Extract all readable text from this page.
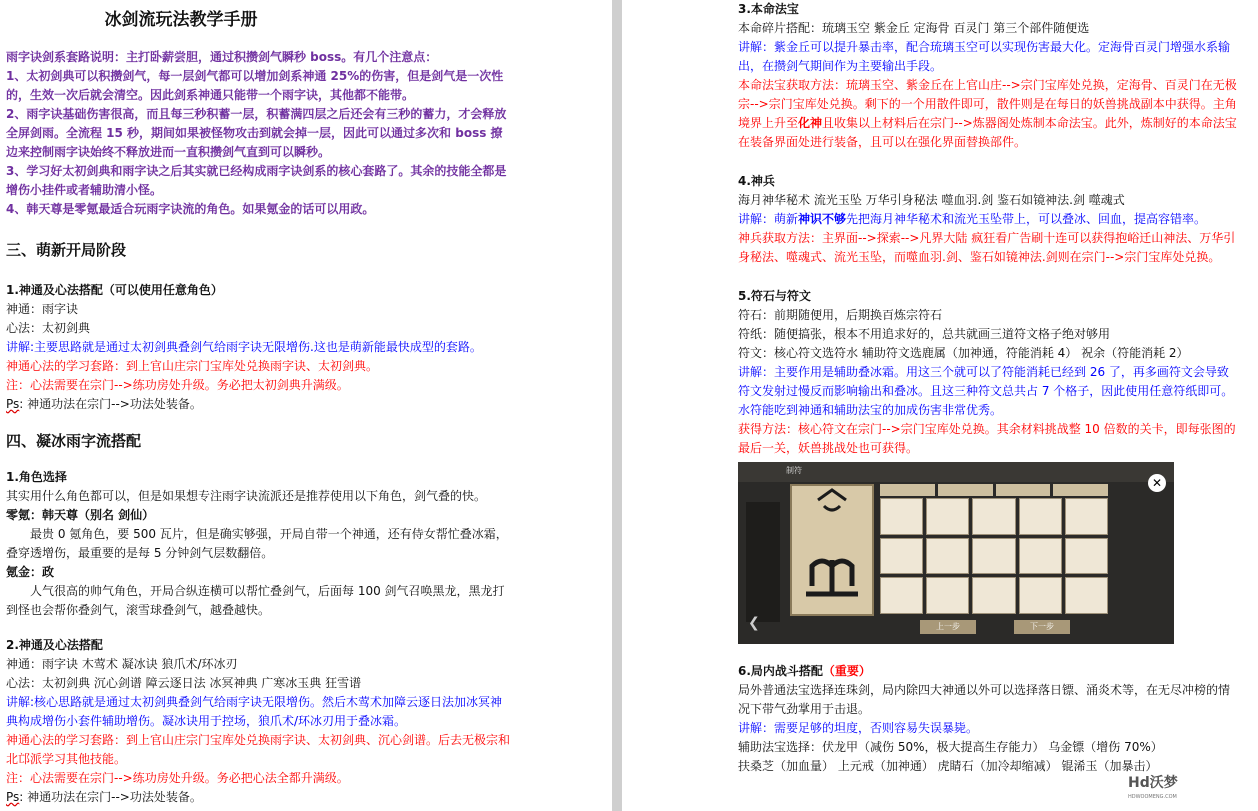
冰剑流玩法教学手册
雨字诀剑系套路说明：主打卧薪尝胆，通过积攒剑气瞬秒 boss。有几个注意点：
1、太初剑典可以积攒剑气，每一层剑气都可以增加剑系神通 25%的伤害，但是剑气是一次性的，生效一次后就会清空。因此剑系神通只能带一个雨字诀，其他都不能带。
2、雨字诀基础伤害很高，而且每三秒积蓄一层，积蓄满四层之后还会有三秒的蓄力，才会释放全屏剑雨。全流程 15 秒，期间如果被怪物攻击到就会掉一层，因此可以通过多次和 boss 撩边来控制雨字诀始终不释放进而一直积攒剑气直到可以瞬秒。
3、学习好太初剑典和雨字诀之后其实就已经构成雨字诀剑系的核心套路了。其余的技能全都是增伤小挂件或者辅助清小怪。
4、韩天尊是零氪最适合玩雨字诀流的角色。如果氪金的话可以用政。
三、萌新开局阶段
1.神通及心法搭配（可以使用任意角色）
神通：雨字诀
心法：太初剑典
讲解:主要思路就是通过太初剑典叠剑气给雨字诀无限增伤.这也是萌新能最快成型的套路。
神通心法的学习套路：到上官山庄宗门宝库处兑换雨字诀、太初剑典。
注：心法需要在宗门-->练功房处升级。务必把太初剑典升满级。
Ps: 神通功法在宗门-->功法处装备。
四、凝冰雨字流搭配
1.角色选择
其实用什么角色都可以，但是如果想专注雨字诀流派还是推荐使用以下角色，剑气叠的快。
零氪：韩天尊（别名 剑仙）
最贵 0 氪角色，要 500 瓦片，但是确实够强，开局自带一个神通，还有侍女帮忙叠冰霜，叠穿透增伤，最重要的是每 5 分钟剑气层数翻倍。
氪金：政
人气很高的帅气角色，开局合纵连横可以帮忙叠剑气，后面每 100 剑气召唤黑龙，黑龙打到怪也会帮你叠剑气，滚雪球叠剑气，越叠越快。
2.神通及心法搭配
神通：雨字诀 木莺术 凝冰诀 狼爪术/环冰刃
心法：太初剑典 沉心剑谱 障云逐日法 冰冥神典 广寒冰玉典 狂雪谱
讲解:核心思路就是通过太初剑典叠剑气给雨字诀无限增伤。然后木莺术加障云逐日法加冰冥神典构成增伤小套件辅助增伤。凝冰诀用于控场，狼爪术/环冰刃用于叠冰霜。
神通心法的学习套路：到上官山庄宗门宝库处兑换雨字诀、太初剑典、沉心剑谱。后去无极宗和北邙派学习其他技能。
注：心法需要在宗门-->练功房处升级。务必把心法全都升满级。
Ps: 神通功法在宗门-->功法处装备。
3.本命法宝
本命碎片搭配：琉璃玉空 紫金丘 定海骨 百灵门 第三个部件随便选
讲解：紫金丘可以提升暴击率，配合琉璃玉空可以实现伤害最大化。定海骨百灵门增强水系输出，在攒剑气期间作为主要输出手段。
本命法宝获取方法：琉璃玉空、紫金丘在上官山庄-->宗门宝库处兑换，定海骨、百灵门在无极宗-->宗门宝库处兑换。剩下的一个用散件即可，散件则是在每日的妖兽挑战副本中获得。主角境界上升至化神且收集以上材料后在宗门-->炼器阁处炼制本命法宝。此外，炼制好的本命法宝在装备界面处进行装备，且可以在强化界面替换部件。
4.神兵
海月神华秘术 流光玉坠 万华引身秘法 噬血羽.剑 鉴石如镜神法.剑 噬魂式
讲解：萌新神识不够先把海月神华秘术和流光玉坠带上，可以叠冰、回血，提高容错率。
神兵获取方法：主界面-->探索-->凡界大陆 疯狂看广告刷十连可以获得抱峪迁山神法、万华引身秘法、噬魂式、流光玉坠，而噬血羽.剑、鉴石如镜神法.剑则在宗门-->宗门宝库处兑换。
5.符石与符文
符石：前期随便用，后期换百炼宗符石
符纸：随便搞张，根本不用追求好的，总共就画三道符文格子绝对够用
符文：核心符文选符水 辅助符文选鹿属（加神通，符能消耗 4） 祝余（符能消耗 2）
讲解：主要作用是辅助叠冰霜。用这三个就可以了符能消耗已经到 26 了，再多画符文会导致符文发射过慢反而影响输出和叠冰。且这三种符文总共占 7 个格子，因此使用任意符纸即可。水符能吃到神通和辅助法宝的加成伤害非常优秀。
获得方法：核心符文在宗门-->宗门宝库处兑换。其余材料挑战整 10 倍数的关卡，即每张图的最后一关，妖兽挑战处也可获得。
制符
上一步	下一步
✕
❮
6.局内战斗搭配（重要）
局外普通法宝选择连珠剑，局内除四大神通以外可以选择落日镖、涌炎术等，在无尽冲榜的情况下带气劲掌用于击退。
讲解：需要足够的坦度，否则容易失误暴毙。
辅助法宝选择：伏龙甲（减伤 50%，极大提高生存能力） 乌金镖（增伤 70%）
扶桑芝（加血量） 上元戒（加神通） 虎睛石（加冷却缩减） 锟浠玉（加暴击）
Hd沃梦
HDWOOMENG.COM
